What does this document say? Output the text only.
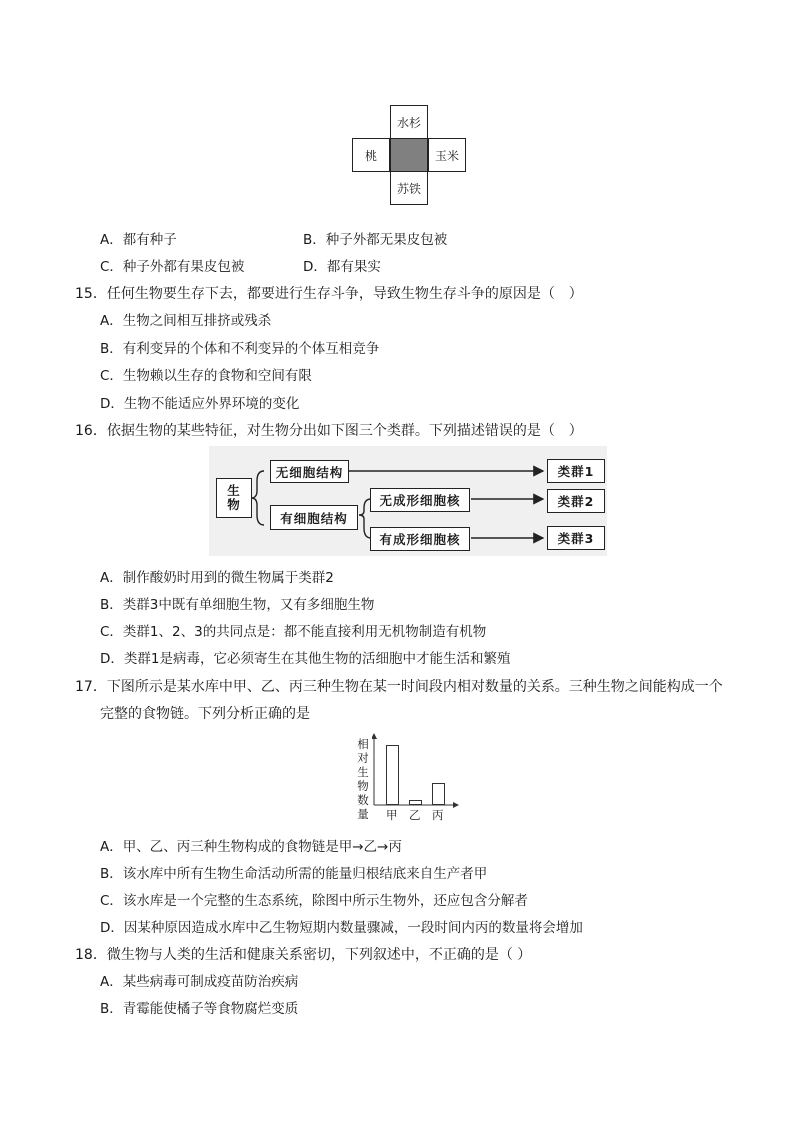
水杉
桃	玉米
苏铁
A．都有种子	B．种子外都无果皮包被
C．种子外都有果皮包被	D．都有果实
15．任何生物要生存下去，都要进行生存斗争，导致生物生存斗争的原因是（　）
A．生物之间相互排挤或残杀
B．有利变异的个体和不利变异的个体互相竞争
C．生物赖以生存的食物和空间有限
D．生物不能适应外界环境的变化
16．依据生物的某些特征，对生物分出如下图三个类群。下列描述错误的是（　）
生物
无细胞结构
有细胞结构
无成形细胞核
有成形细胞核
类群1
类群2
类群3
A．制作酸奶时用到的微生物属于类群2
B．类群3中既有单细胞生物，又有多细胞生物
C．类群1、2、3的共同点是：都不能直接利用无机物制造有机物
D．类群1是病毒，它必须寄生在其他生物的活细胞中才能生活和繁殖
17．下图所示是某水库中甲、乙、丙三种生物在某一时间段内相对数量的关系。三种生物之间能构成一个
完整的食物链。下列分析正确的是
相对生物数量 甲 乙 丙
A．甲、乙、丙三种生物构成的食物链是甲→乙→丙
B．该水库中所有生物生命活动所需的能量归根结底来自生产者甲
C．该水库是一个完整的生态系统，除图中所示生物外，还应包含分解者
D．因某种原因造成水库中乙生物短期内数量骤减，一段时间内丙的数量将会增加
18．微生物与人类的生活和健康关系密切，下列叙述中，不正确的是（ ）
A．某些病毒可制成疫苗防治疾病
B．青霉能使橘子等食物腐烂变质
